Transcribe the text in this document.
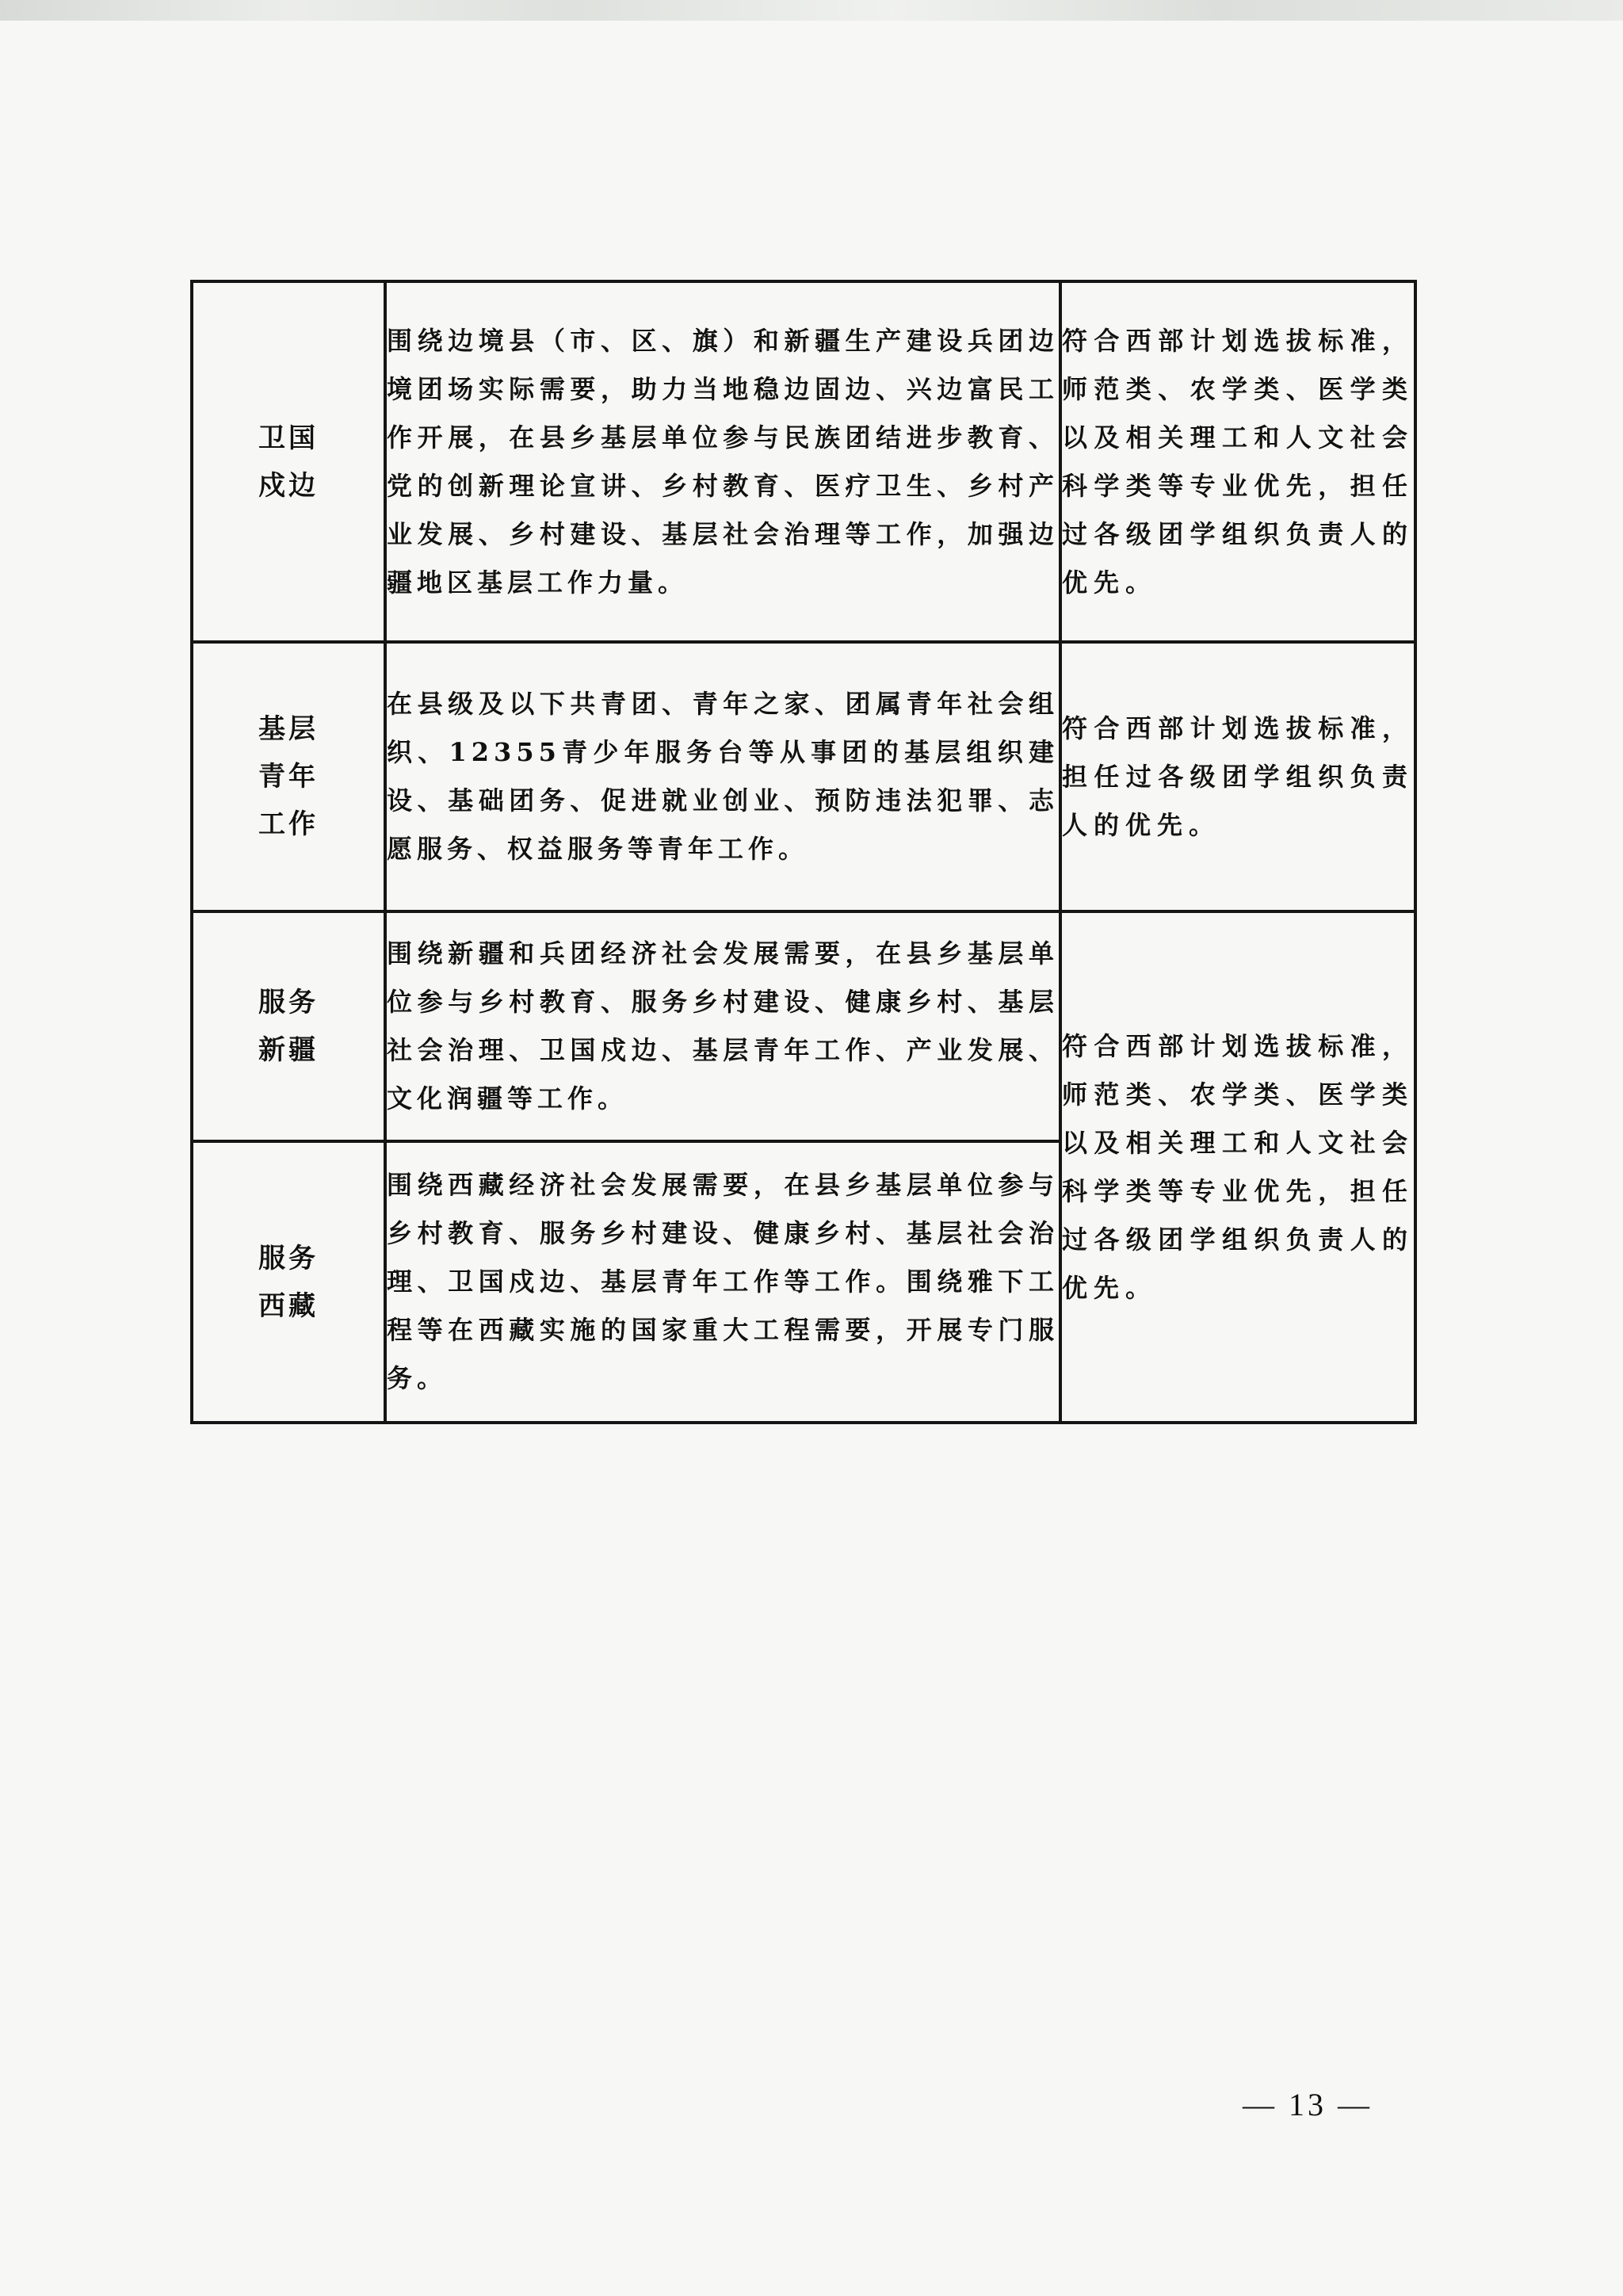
卫国戍边	围绕边境县（市、区、旗）和新疆生产建设兵团边境团场实际需要，助力当地稳边固边、兴边富民工作开展，在县乡基层单位参与民族团结进步教育、党的创新理论宣讲、乡村教育、医疗卫生、乡村产业发展、乡村建设、基层社会治理等工作，加强边疆地区基层工作力量。	符合西部计划选拔标准，师范类、农学类、医学类以及相关理工和人文社会科学类等专业优先，担任过各级团学组织负责人的优先。
基层青年工作	在县级及以下共青团、青年之家、团属青年社会组织、12355青少年服务台等从事团的基层组织建设、基础团务、促进就业创业、预防违法犯罪、志愿服务、权益服务等青年工作。	符合西部计划选拔标准，担任过各级团学组织负责人的优先。
服务新疆	围绕新疆和兵团经济社会发展需要，在县乡基层单位参与乡村教育、服务乡村建设、健康乡村、基层社会治理、卫国戍边、基层青年工作、产业发展、文化润疆等工作。	符合西部计划选拔标准，师范类、农学类、医学类以及相关理工和人文社会科学类等专业优先，担任过各级团学组织负责人的优先。
服务西藏	围绕西藏经济社会发展需要，在县乡基层单位参与乡村教育、服务乡村建设、健康乡村、基层社会治理、卫国戍边、基层青年工作等工作。围绕雅下工程等在西藏实施的国家重大工程需要，开展专门服务。	
— 13 —
